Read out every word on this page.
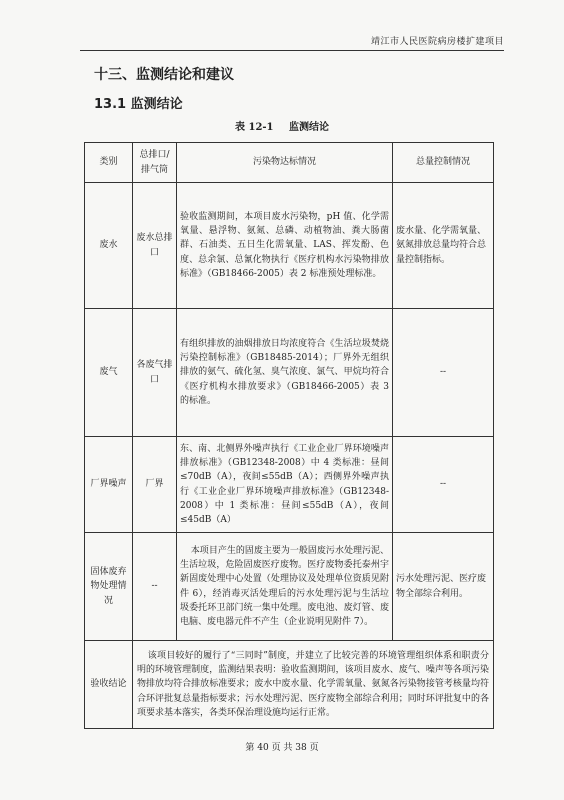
靖江市人民医院病房楼扩建项目
十三、监测结论和建议
13.1 监测结论
表 12-1 监测结论
类别	总排口/排气筒	污染物达标情况	总量控制情况
废水	废水总排口	验收监测期间，本项目废水污染物，pH 值、化学需氧量、悬浮物、氨氮、总磷、动植物油、粪大肠菌群、石油类、五日生化需氧量、LAS、挥发酚、色度、总余氯、总氰化物执行《医疗机构水污染物排放标准》（GB18466-2005）表 2 标准预处理标准。	废水量、化学需氧量、氨氮排放总量均符合总量控制指标。
废气	各废气排口	有组织排放的油烟排放日均浓度符合《生活垃圾焚烧污染控制标准》（GB18485-2014）；厂界外无组织排放的氨气、硫化氢、臭气浓度、氯气、甲烷均符合《医疗机构水排放要求》（GB18466-2005）表 3 的标准。	--
厂界噪声	厂界	东、南、北侧界外噪声执行《工业企业厂界环境噪声排放标准》（GB12348-2008）中 4 类标准：昼间≤70dB（A），夜间≤55dB（A）；西侧界外噪声执行《工业企业厂界环境噪声排放标准》（GB12348-2008）中 1 类标准：昼间≤55dB（A），夜间≤45dB（A）	--
固体废弃物处理情况	--	本项目产生的固废主要为一般固废污水处理污泥、生活垃圾，危险固废医疗废物。医疗废物委托泰州宇新固废处理中心处置（处理协议及处理单位资质见附件 6），经消毒灭活处理后的污水处理污泥与生活垃圾委托环卫部门统一集中处理。废电池、废灯管、废电脑、废电器元件不产生（企业说明见附件 7）。	污水处理污泥、医疗废物全部综合利用。
验收结论	该项目较好的履行了“三同时”制度，并建立了比较完善的环境管理组织体系和职责分明的环境管理制度，监测结果表明：验收监测期间，该项目废水、废气、噪声等各项污染物排放均符合排放标准要求；废水中废水量、化学需氧量、氨氮各污染物接管考核量均符合环评批复总量指标要求；污水处理污泥、医疗废物全部综合利用；同时环评批复中的各项要求基本落实，各类环保治理设施均运行正常。		
第 40 页 共 38 页
